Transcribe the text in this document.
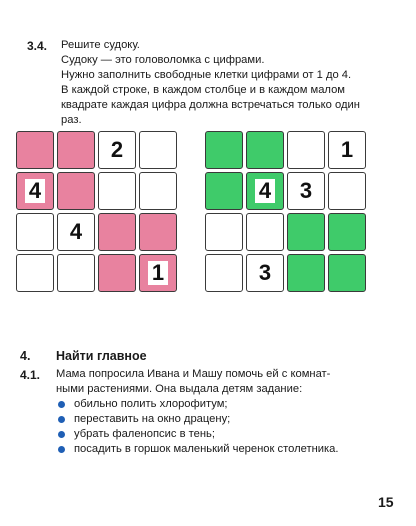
3.4. Решите судоку.
Судоку — это головоломка с цифрами.
Нужно заполнить свободные клетки цифрами от 1 до 4.
В каждой строке, в каждом столбце и в каждом малом
квадрате каждая цифра должна встречаться только один
раз.
2
4
4
1
1
4 3
3
4. Найти главное
4.1. Мама попросила Ивана и Машу помочь ей с комнат-
ными растениями. Она выдала детям задание:
обильно полить хлорофитум;
переставить на окно драцену;
убрать фаленопсис в тень;
посадить в горшок маленький черенок столетника.
15
